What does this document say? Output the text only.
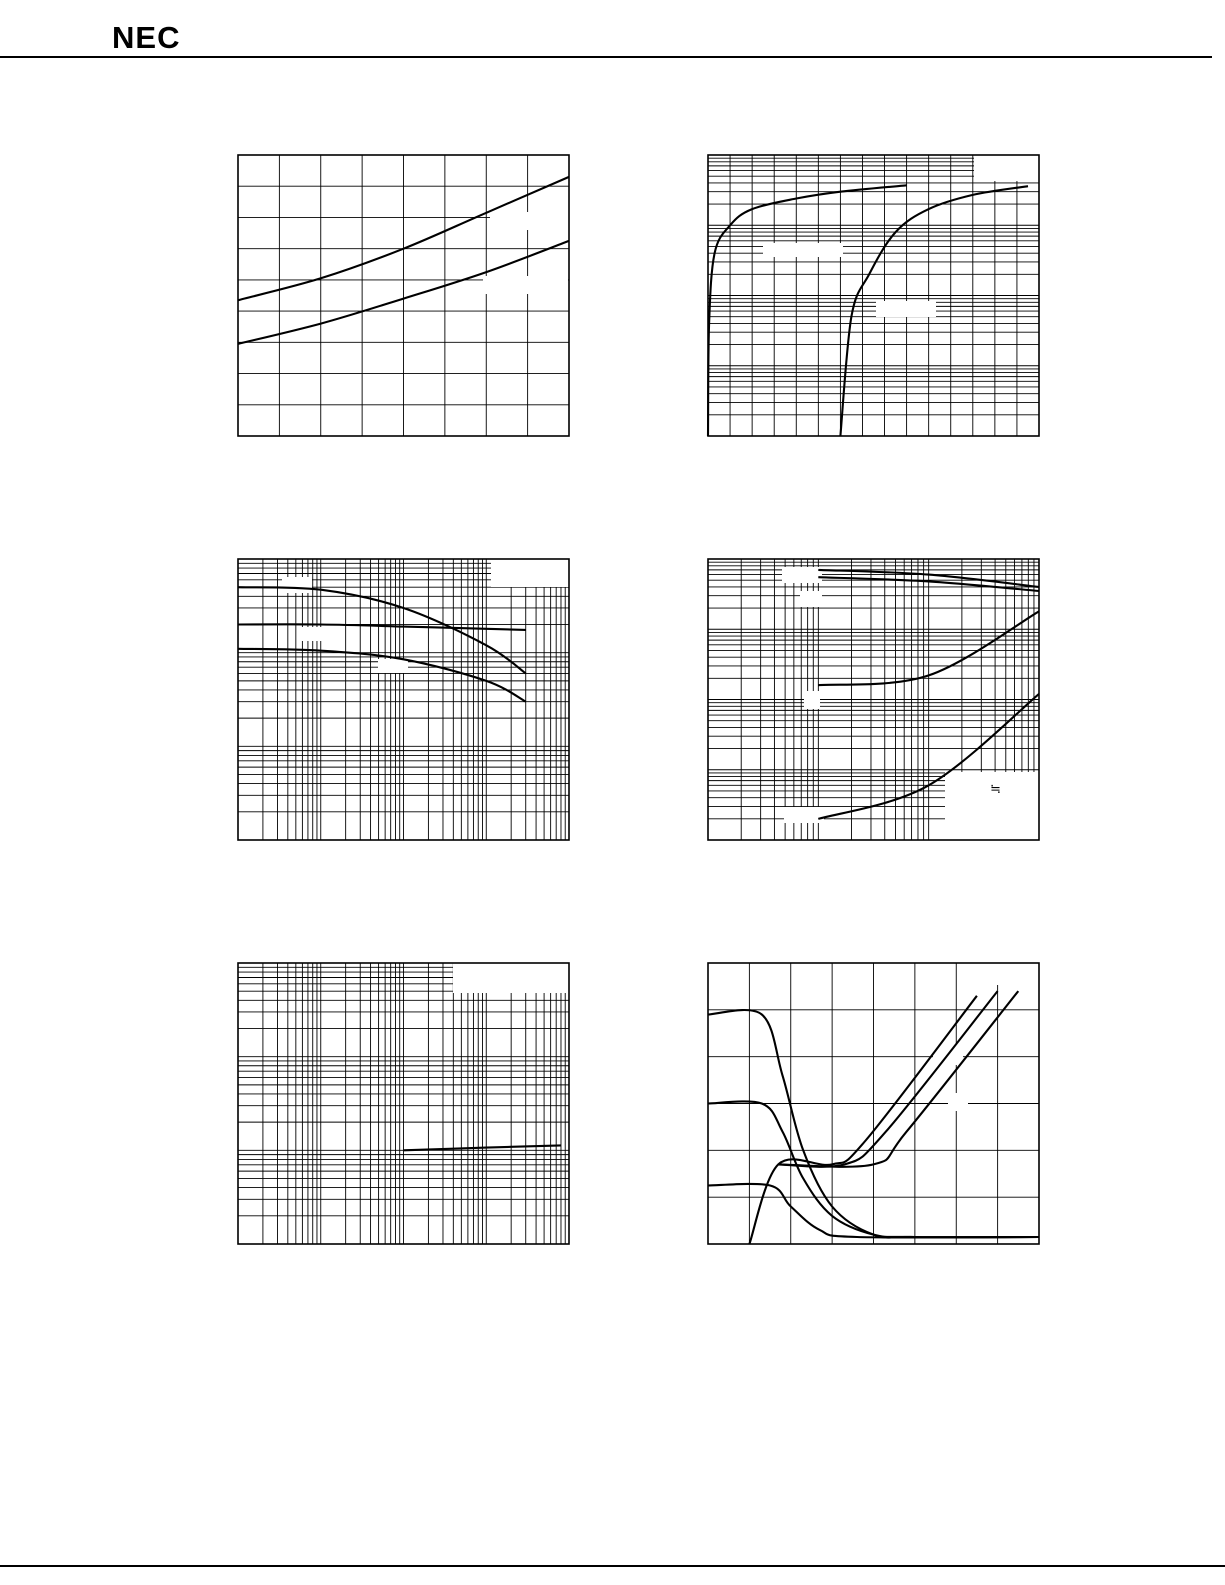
NEC
≒
